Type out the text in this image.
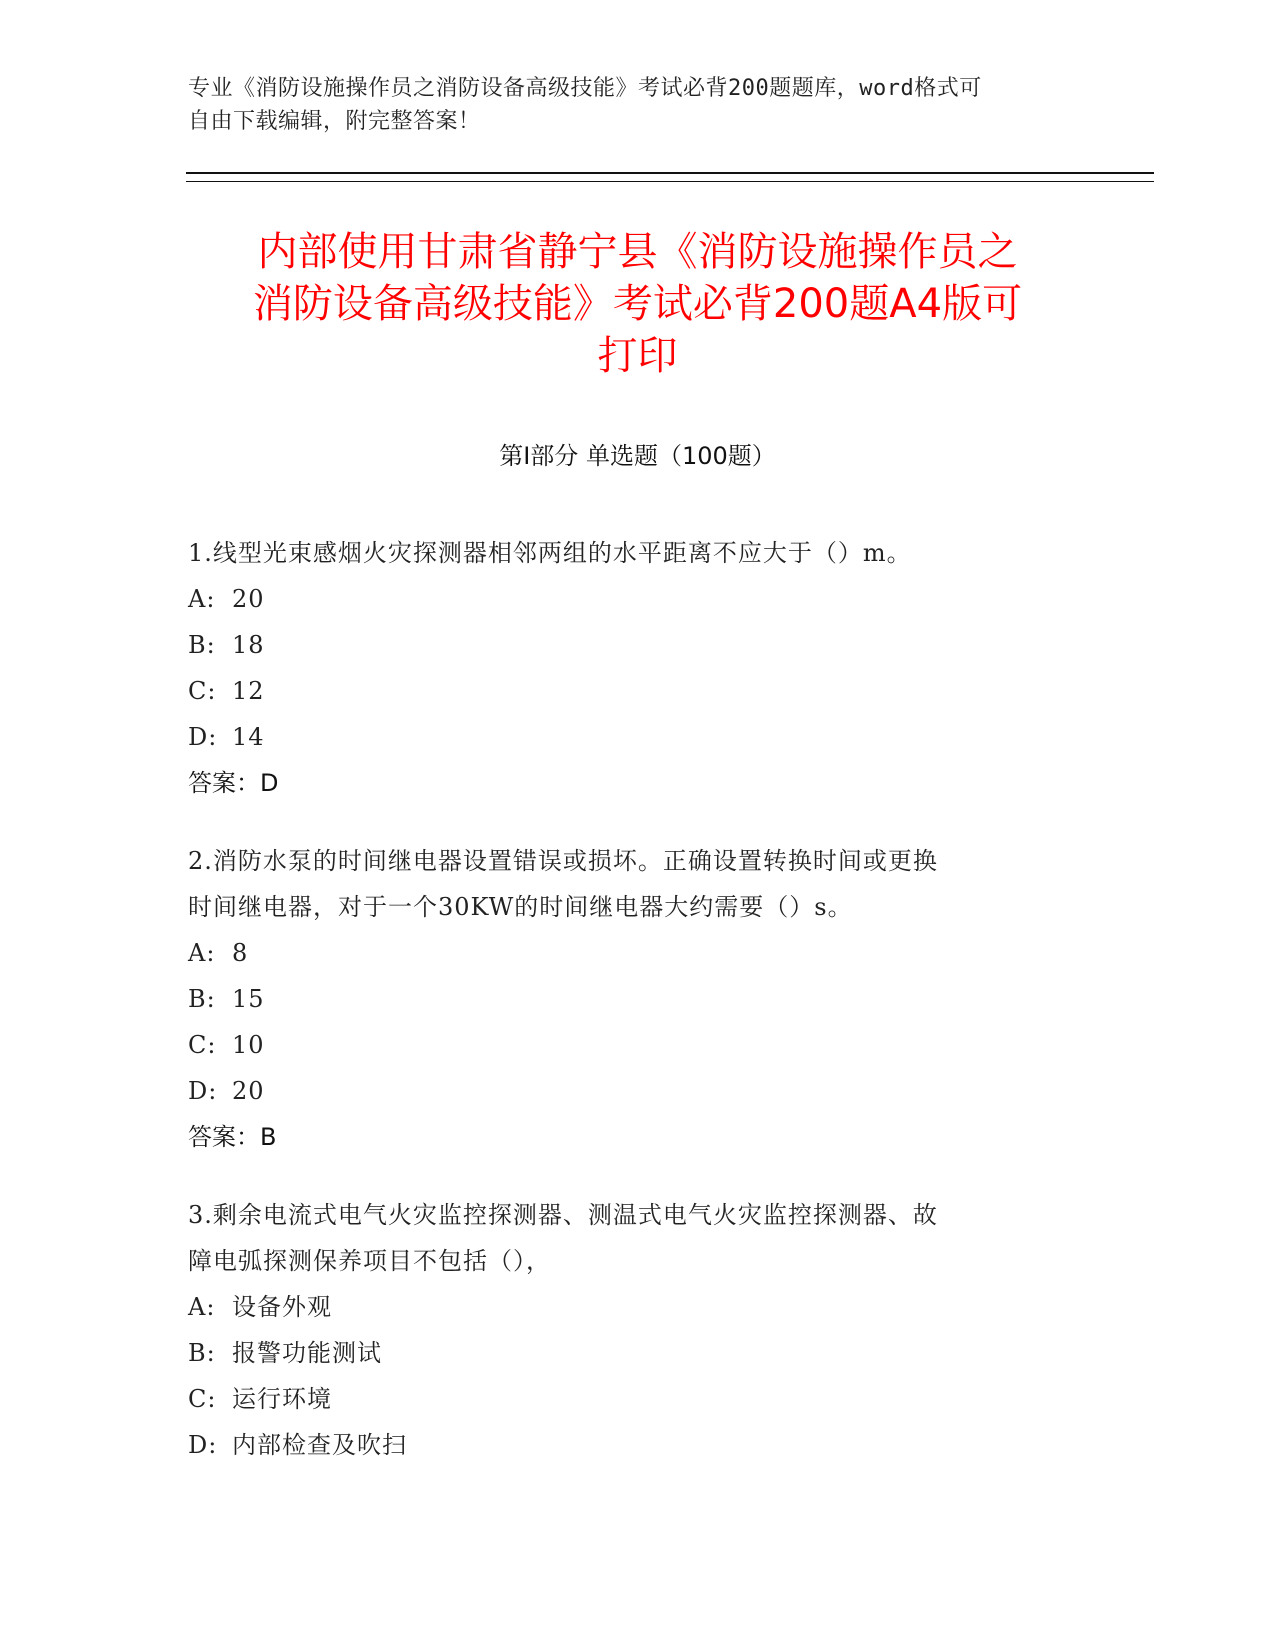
专业《消防设施操作员之消防设备高级技能》考试必背200题题库，word格式可
自由下载编辑，附完整答案！
内部使用甘肃省静宁县《消防设施操作员之
消防设备高级技能》考试必背200题A4版可
打印
第Ⅰ部分 单选题（100题）

1.线型光束感烟火灾探测器相邻两组的水平距离不应大于（）m。

A: 20

B: 18

C: 12

D: 14

答案：D

2.消防水泵的时间继电器设置错误或损坏。正确设置转换时间或更换

时间继电器，对于一个30KW的时间继电器大约需要（）s。

A: 8

B: 15

C: 10

D: 20

答案：B

3.剩余电流式电气火灾监控探测器、测温式电气火灾监控探测器、故

障电弧探测保养项目不包括（），

A: 设备外观

B: 报警功能测试

C: 运行环境

D: 内部检查及吹扫
